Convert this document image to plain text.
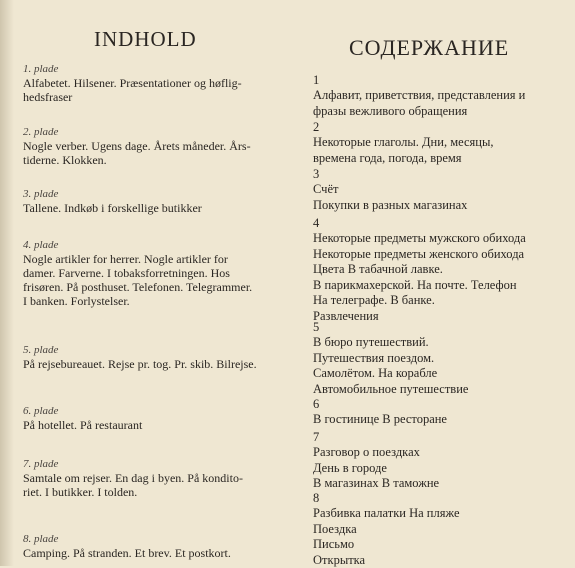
INDHOLD	СОДЕРЖАНИЕ
1. plade
Alfabetet. Hilsener. Præsentationer og høflig-
hedsfraser
2. plade
Nogle verber. Ugens dage. Årets måneder. Års-
tiderne. Klokken.
3. plade
Tallene. Indkøb i forskellige butikker
4. plade
Nogle artikler for herrer. Nogle artikler for
damer. Farverne. I tobaksforretningen. Hos
frisøren. På posthuset. Telefonen. Telegrammer.
I banken. Forlystelser.
5. plade
På rejsebureauet. Rejse pr. tog. Pr. skib. Bilrejse.
6. plade
På hotellet. På restaurant
7. plade
Samtale om rejser. En dag i byen. På kondito-
riet. I butikker. I tolden.
8. plade
Camping. På stranden. Et brev. Et postkort.
1
Алфавит, приветствия, представления и
фразы вежливого обращения
2
Некоторые глаголы. Дни, месяцы,
времена года, погода, время
3
Счёт
Покупки в разных магазинах
4
Некоторые предметы мужского обихода
Некоторые предметы женского обихода
Цвета В табачной лавке.
В парикмахерской. На почте. Телефон
На телеграфе. В банке.
Развлечения
5
В бюро путешествий.
Путешествия поездом.
Самолётом. На корабле
Автомобильное путешествие
6
В гостинице В ресторане
7
Разговор о поездках
День в городе
В магазинах В таможне
8
Разбивка палатки На пляже
Поездка
Письмо
Открытка
